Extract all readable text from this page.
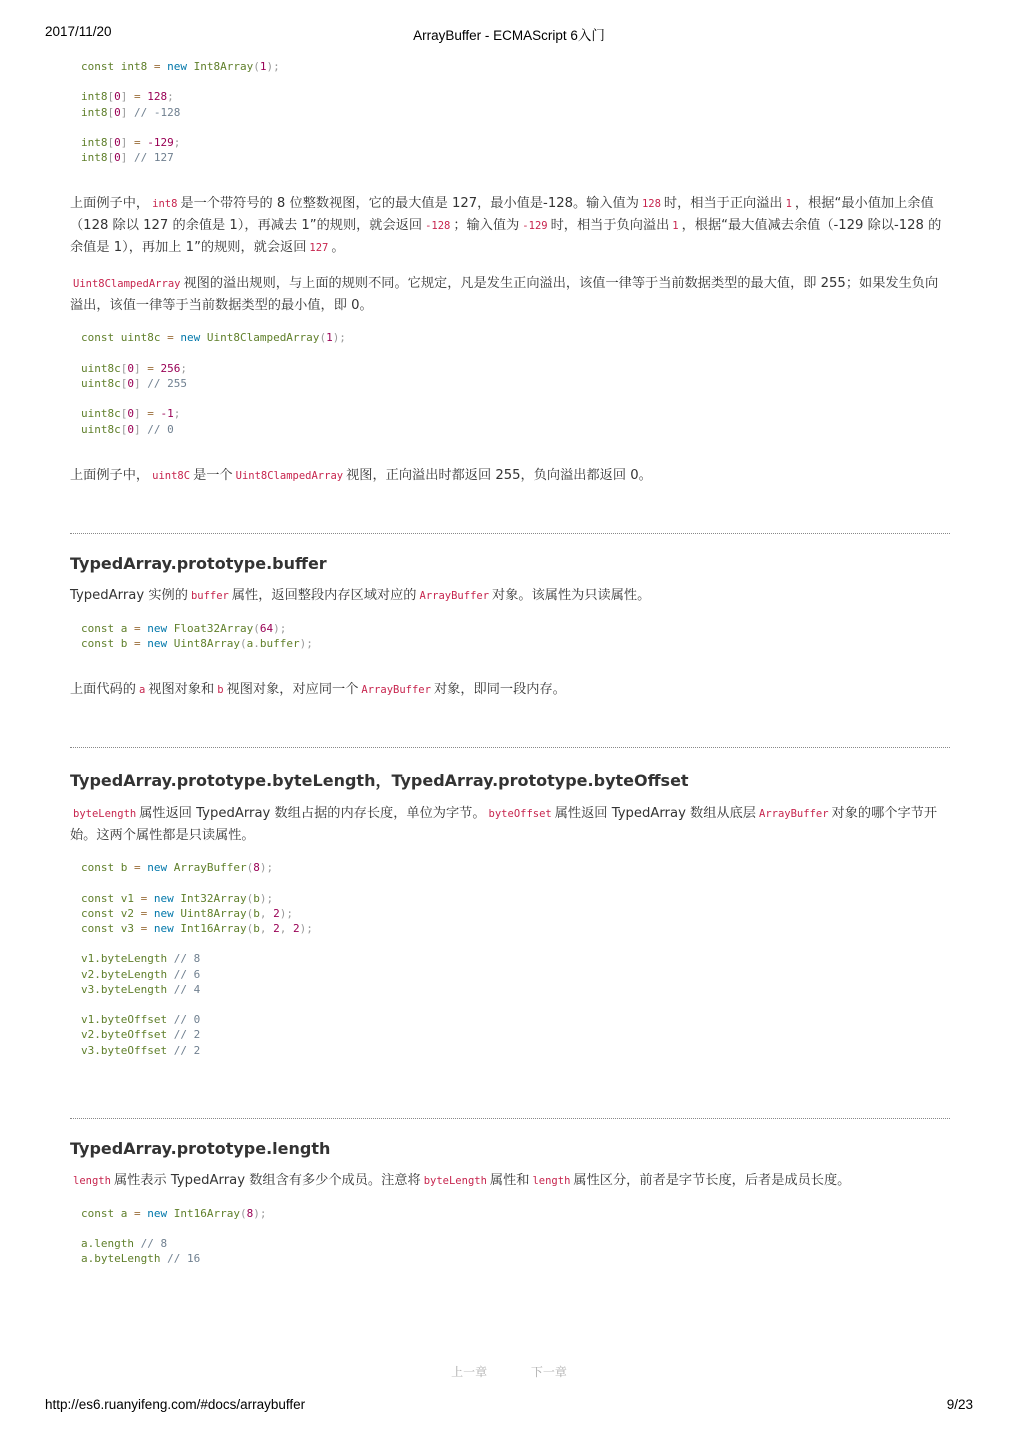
2017/11/20	ArrayBuffer - ECMAScript 6入门
const int8 = new Int8Array(1);
int8[0] = 128;
int8[0] // -128
int8[0] = -129;
int8[0] // 127

上面例子中， int8 是一个带符号的 8 位整数视图，它的最大值是 127，最小值是-128。输入值为 128 时，相当于正向溢出 1 ，根据“最小值加上余值（128 除以 127 的余值是 1），再减去 1”的规则，就会返回 -128 ；输入值为 -129 时，相当于负向溢出 1 ，根据“最大值减去余值（-129 除以-128 的余值是 1），再加上 1”的规则，就会返回 127 。

Uint8ClampedArray 视图的溢出规则，与上面的规则不同。它规定，凡是发生正向溢出，该值一律等于当前数据类型的最大值，即 255；如果发生负向溢出，该值一律等于当前数据类型的最小值，即 0。

const uint8c = new Uint8ClampedArray(1);
uint8c[0] = 256;
uint8c[0] // 255
uint8c[0] = -1;
uint8c[0] // 0

上面例子中， uint8C 是一个 Uint8ClampedArray 视图，正向溢出时都返回 255，负向溢出都返回 0。

TypedArray.prototype.buffer

TypedArray 实例的 buffer 属性，返回整段内存区域对应的 ArrayBuffer 对象。该属性为只读属性。

const a = new Float32Array(64);
const b = new Uint8Array(a.buffer);

上面代码的 a 视图对象和 b 视图对象，对应同一个 ArrayBuffer 对象，即同一段内存。

TypedArray.prototype.byteLength，TypedArray.prototype.byteOffset

byteLength 属性返回 TypedArray 数组占据的内存长度，单位为字节。 byteOffset 属性返回 TypedArray 数组从底层 ArrayBuffer 对象的哪个字节开始。这两个属性都是只读属性。

const b = new ArrayBuffer(8);
const v1 = new Int32Array(b);
const v2 = new Uint8Array(b, 2);
const v3 = new Int16Array(b, 2, 2);
v1.byteLength // 8
v2.byteLength // 6
v3.byteLength // 4
v1.byteOffset // 0
v2.byteOffset // 2
v3.byteOffset // 2
TypedArray.prototype.length

length 属性表示 TypedArray 数组含有多少个成员。注意将 byteLength 属性和 length 属性区分，前者是字节长度，后者是成员长度。

const a = new Int16Array(8);
a.length // 8
a.byteLength // 16
上一章	下一章
http://es6.ruanyifeng.com/#docs/arraybuffer	9/23
